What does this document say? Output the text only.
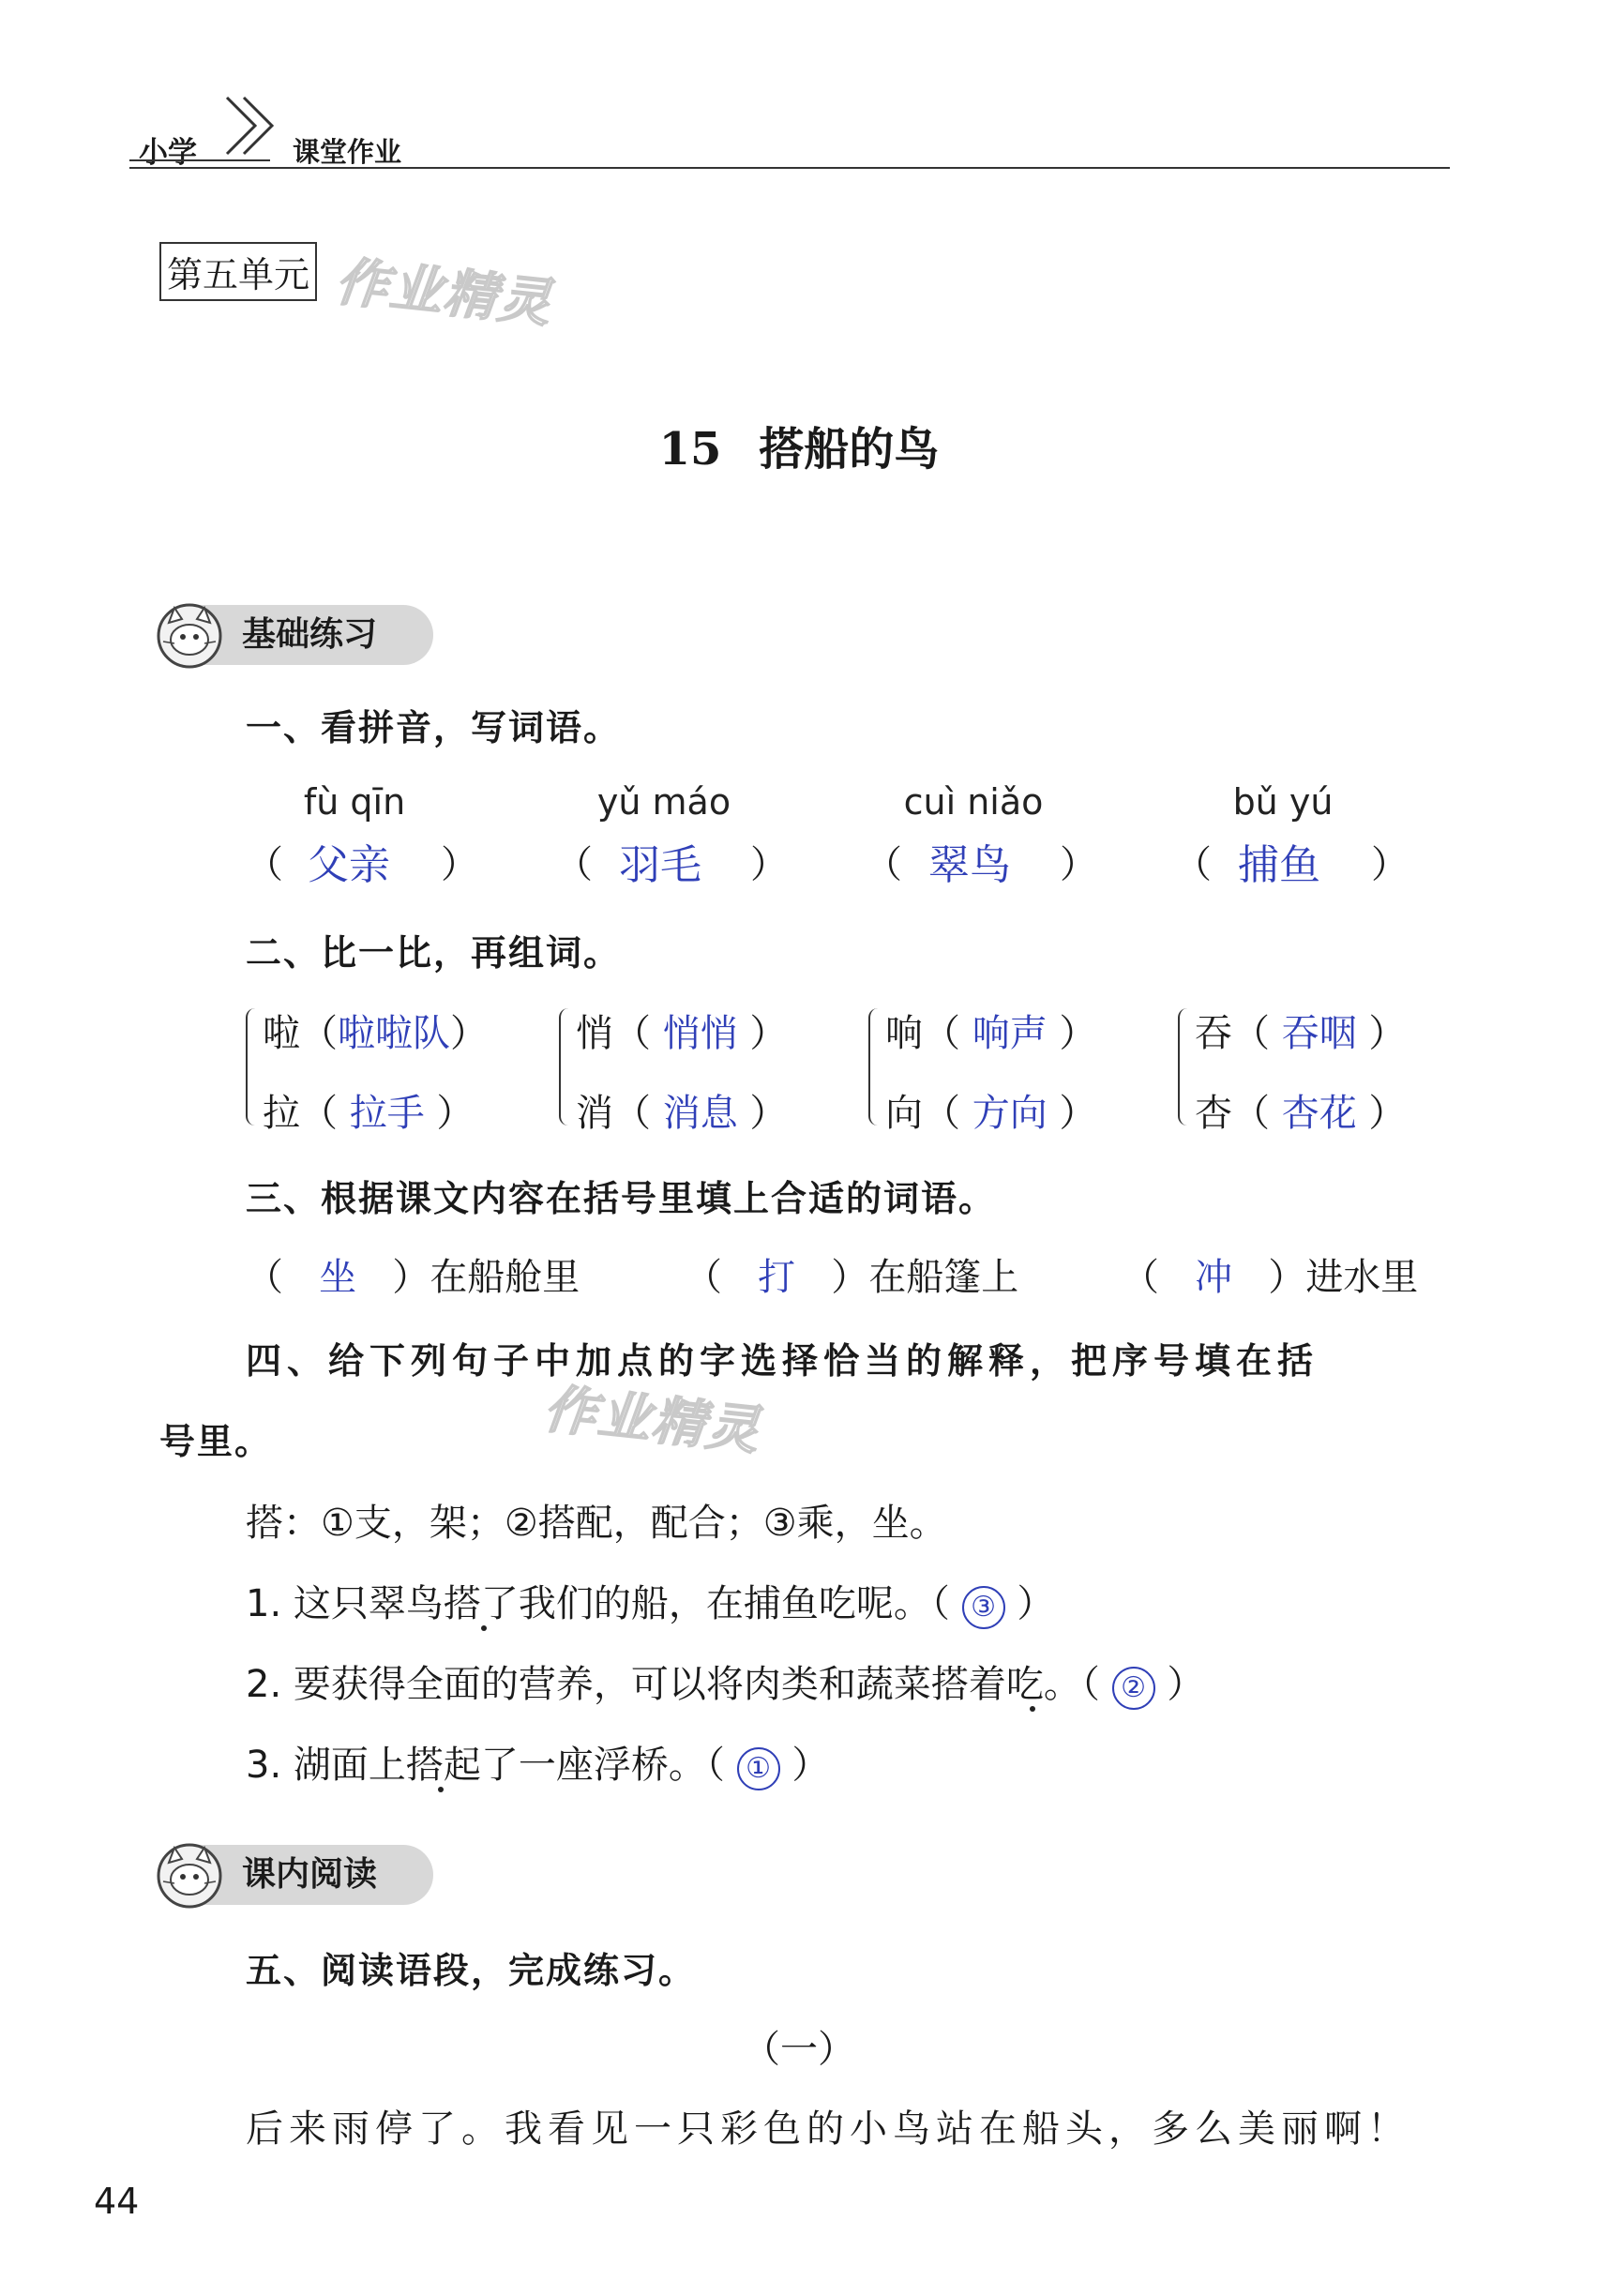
小学	课堂作业
第五单元 作业精灵
15 搭船的鸟
基础练习
一、看拼音，写词语。
fù qīn	yǔ máo	cuì niǎo	bǔ yú
（ 父亲 ） （ 羽毛 ） （ 翠鸟 ） （ 捕鱼 ）
二、比一比，再组词。
啦（啦啦队）
拉（ 拉手 ）
悄（ 悄悄 ）
消（ 消息 ）
响（ 响声 ）
向（ 方向 ）
吞（ 吞咽 ）
杏（ 杏花 ）
三、根据课文内容在括号里填上合适的词语。
（   坐   ）在船舱里	（   打   ）在船篷上	（   冲   ）进水里
四、给下列句子中加点的字选择恰当的解释，把序号填在括
号里。	作业精灵
搭：①支，架；②搭配，配合；③乘，坐。
1. 这只翠鸟搭了我们的船，在捕鱼吃呢。（ ③ ）
2. 要获得全面的营养，可以将肉类和蔬菜搭着吃。（ ② ）
3. 湖面上搭起了一座浮桥。（ ① ）
课内阅读
五、阅读语段，完成练习。
（一）
后来雨停了。我看见一只彩色的小鸟站在船头，多么美丽啊！
44
